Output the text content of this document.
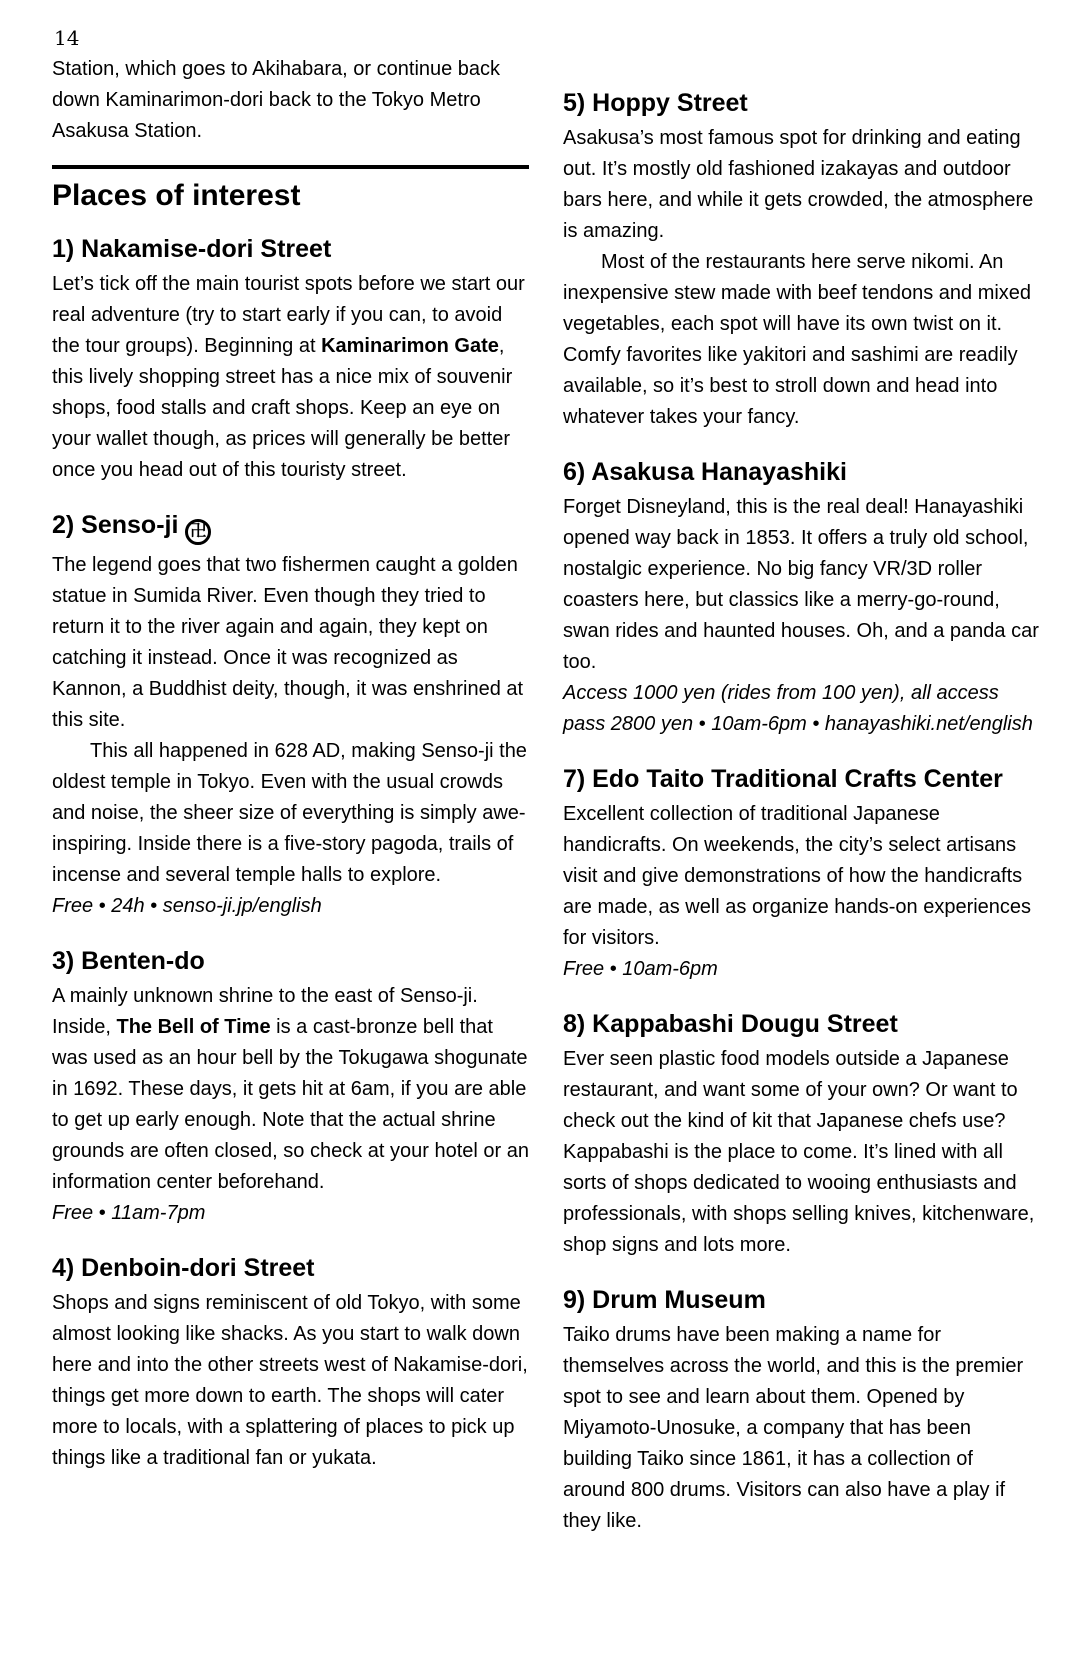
14

Station, which goes to Akihabara, or continue back down Kaminarimon-dori back to the Tokyo Metro Asakusa Station.

Places of interest
1) Nakamise-dori Street

Let’s tick off the main tourist spots before we start our real adventure (try to start early if you can, to avoid the tour groups). Beginning at Kaminarimon Gate, this lively shopping street has a nice mix of souvenir shops, food stalls and craft shops. Keep an eye on your wallet though, as prices will generally be better once you head out of this touristy street.

2) Senso-ji 卍

The legend goes that two fishermen caught a golden statue in Sumida River. Even though they tried to return it to the river again and again, they kept on catching it instead. Once it was recognized as Kannon, a Buddhist deity, though, it was enshrined at this site.

This all happened in 628 AD, making Senso-ji the oldest temple in Tokyo. Even with the usual crowds and noise, the sheer size of everything is simply awe-inspiring. Inside there is a five-story pagoda, trails of incense and several temple halls to explore.

Free • 24h • senso-ji.jp/english

3) Benten-do

A mainly unknown shrine to the east of Senso-ji. Inside, The Bell of Time is a cast-bronze bell that was used as an hour bell by the Tokugawa shogunate in 1692. These days, it gets hit at 6am, if you are able to get up early enough. Note that the actual shrine grounds are often closed, so check at your hotel or an information center beforehand.

Free • 11am-7pm

4) Denboin-dori Street

Shops and signs reminiscent of old Tokyo, with some almost looking like shacks. As you start to walk down here and into the other streets west of Nakamise-dori, things get more down to earth. The shops will cater more to locals, with a splattering of places to pick up things like a traditional fan or yukata.

5) Hoppy Street

Asakusa’s most famous spot for drinking and eating out. It’s mostly old fashioned izakayas and outdoor bars here, and while it gets crowded, the atmosphere is amazing.

Most of the restaurants here serve nikomi. An inexpensive stew made with beef tendons and mixed vegetables, each spot will have its own twist on it. Comfy favorites like yakitori and sashimi are readily available, so it’s best to stroll down and head into whatever takes your fancy.

6) Asakusa Hanayashiki

Forget Disneyland, this is the real deal! Hanayashiki opened way back in 1853. It offers a truly old school, nostalgic experience. No big fancy VR/3D roller coasters here, but classics like a merry-go-round, swan rides and haunted houses. Oh, and a panda car too.

Access 1000 yen (rides from 100 yen), all access pass 2800 yen • 10am-6pm • hanayashiki.net/english

7) Edo Taito Traditional Crafts Center

Excellent collection of traditional Japanese handicrafts. On weekends, the city’s select artisans visit and give demonstrations of how the handicrafts are made, as well as organize hands-on experiences for visitors.

Free • 10am-6pm

8) Kappabashi Dougu Street

Ever seen plastic food models outside a Japanese restaurant, and want some of your own? Or want to check out the kind of kit that Japanese chefs use? Kappabashi is the place to come. It’s lined with all sorts of shops dedicated to wooing enthusiasts and professionals, with shops selling knives, kitchenware, shop signs and lots more.

9) Drum Museum

Taiko drums have been making a name for themselves across the world, and this is the premier spot to see and learn about them. Opened by Miyamoto-Unosuke, a company that has been building Taiko since 1861, it has a collection of around 800 drums. Visitors can also have a play if they like.
